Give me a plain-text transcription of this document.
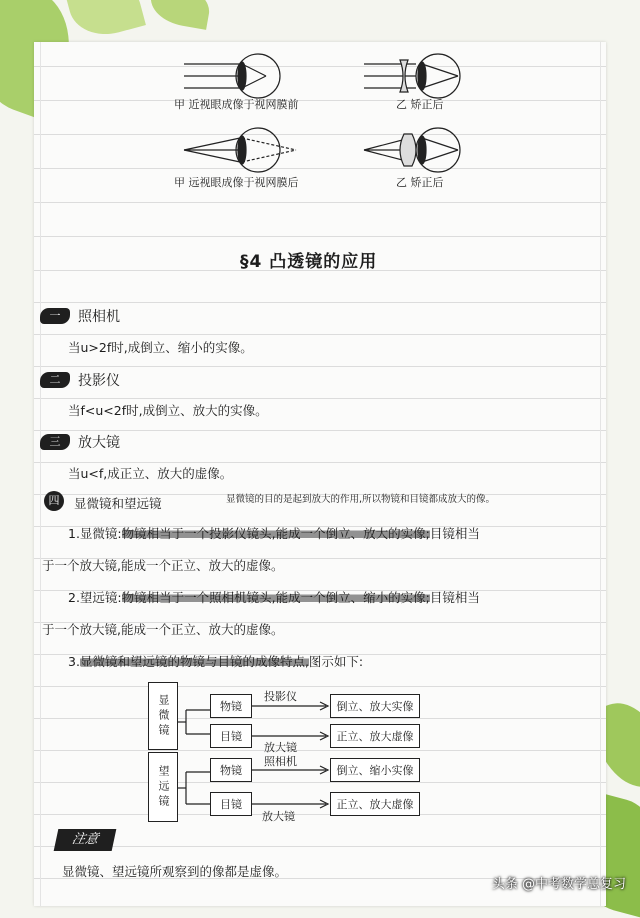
甲 近视眼成像于视网膜前	乙 矫正后
甲 远视眼成像于视网膜后	乙 矫正后
§4 凸透镜的应用
一	照相机
当u>2f时,成倒立、缩小的实像。
二	投影仪
当f<u<2f时,成倒立、放大的实像。
三	放大镜
当u<f,成正立、放大的虚像。
四	显微镜和望远镜	显微镜的目的是起到放大的作用,所以物镜和目镜都成放大的像。
1.显微镜:物镜相当于一个投影仪镜头,能成一个倒立、放大的实像;目镜相当
于一个放大镜,能成一个正立、放大的虚像。
2.望远镜:物镜相当于一个照相机镜头,能成一个倒立、缩小的实像;目镜相当
于一个放大镜,能成一个正立、放大的虚像。
3.显微镜和望远镜的物镜与目镜的成像特点,图示如下:
显微镜
望远镜
物镜
目镜
物镜
目镜
投影仪
放大镜
照相机
放大镜
倒立、放大实像
正立、放大虚像
倒立、缩小实像
正立、放大虚像
注意
显微镜、望远镜所观察到的像都是虚像。
头条 @中考数学总复习
